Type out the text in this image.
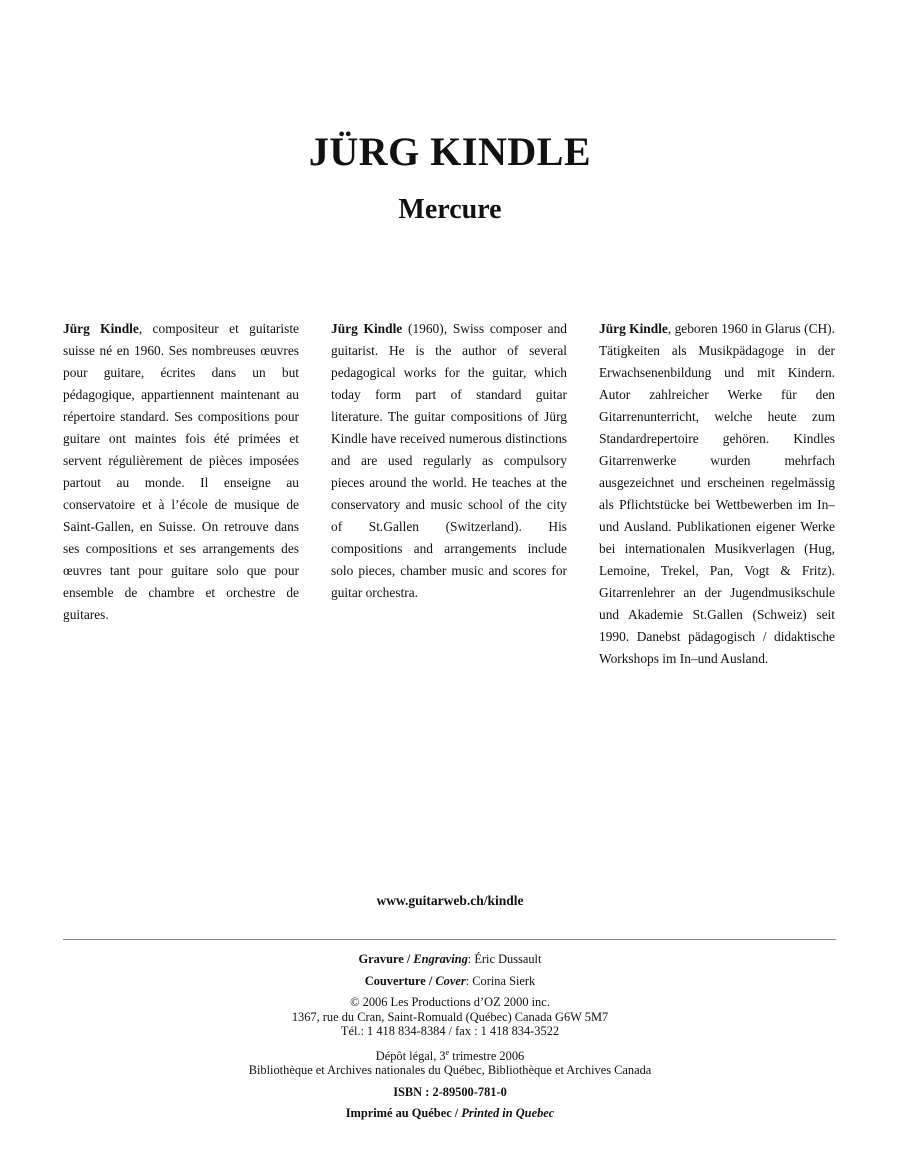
JÜRG KINDLE
Mercure

Jürg Kindle, compositeur et guitariste suisse né en 1960. Ses nombreuses œuvres pour guitare, écrites dans un but pédagogique, appartiennent maintenant au répertoire standard. Ses compositions pour guitare ont maintes fois été primées et servent régulièrement de pièces imposées partout au monde. Il enseigne au conservatoire et à l’école de musique de Saint-Gallen, en Suisse. On retrouve dans ses compositions et ses arrangements des œuvres tant pour guitare solo que pour ensemble de chambre et orchestre de guitares.

Jürg Kindle (1960), Swiss composer and guitarist. He is the author of several pedagogical works for the guitar, which today form part of standard guitar literature. The guitar compositions of Jürg Kindle have received numerous distinctions and are used regularly as compulsory pieces around the world. He teaches at the conservatory and music school of the city of St.Gallen (Switzerland). His compositions and arrangements include solo pieces, chamber music and scores for guitar orchestra.

Jürg Kindle, geboren 1960 in Glarus (CH). Tätigkeiten als Musikpädagoge in der Erwachsenenbildung und mit Kindern. Autor zahlreicher Werke für den Gitarrenunterricht, welche heute zum Standardrepertoire gehören. Kindles Gitarrenwerke wurden mehrfach ausgezeichnet und erscheinen regelmässig als Pflichtstücke bei Wettbewerben im In–und Ausland. Publikationen eigener Werke bei internationalen Musikverlagen (Hug, Lemoine, Trekel, Pan, Vogt & Fritz). Gitarrenlehrer an der Jugendmusikschule und Akademie St.Gallen (Schweiz) seit 1990. Danebst pädagogisch / didaktische Workshops im In–und Ausland.

www.guitarweb.ch/kindle

Gravure / Engraving: Éric Dussault
Couverture / Cover: Corina Sierk
© 2006 Les Productions d’OZ 2000 inc.
1367, rue du Cran, Saint-Romuald (Québec) Canada G6W 5M7
Tél.: 1 418 834-8384 / fax : 1 418 834-3522
Dépôt légal, 3e trimestre 2006
Bibliothèque et Archives nationales du Québec, Bibliothèque et Archives Canada
ISBN : 2-89500-781-0
Imprimé au Québec / Printed in Quebec
